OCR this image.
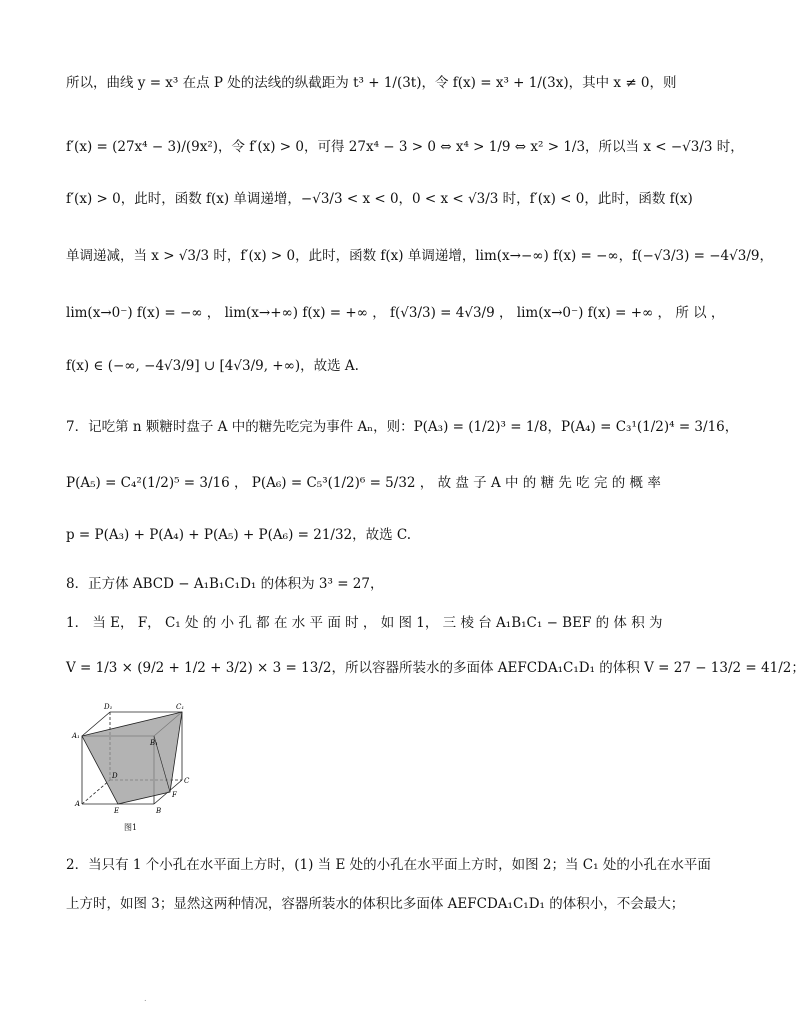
所以，曲线 y = x³ 在点 P 处的法线的纵截距为 t³ + 1/(3t)，令 f(x) = x³ + 1/(3x)，其中 x ≠ 0，则
f′(x) = (27x⁴ − 3)/(9x²)，令 f′(x) > 0，可得 27x⁴ − 3 > 0 ⇔ x⁴ > 1/9 ⇔ x² > 1/3，所以当 x < −√3/3 时，
f′(x) > 0，此时，函数 f(x) 单调递增，−√3/3 < x < 0，0 < x < √3/3 时，f′(x) < 0，此时，函数 f(x)
单调递减，当 x > √3/3 时，f′(x) > 0，此时，函数 f(x) 单调递增，lim(x→−∞) f(x) = −∞，f(−√3/3) = −4√3/9，
lim(x→0⁻) f(x) = −∞ ， lim(x→+∞) f(x) = +∞ ， f(√3/3) = 4√3/9 ， lim(x→0⁻) f(x) = +∞ ， 所 以 ，
f(x) ∈ (−∞, −4√3/9] ∪ [4√3/9, +∞)，故选 A.
7．记吃第 n 颗糖时盘子 A 中的糖先吃完为事件 Aₙ，则：P(A₃) = (1/2)³ = 1/8，P(A₄) = C₃¹(1/2)⁴ = 3/16，
P(A₅) = C₄²(1/2)⁵ = 3/16 ， P(A₆) = C₅³(1/2)⁶ = 5/32 ， 故 盘 子 A 中 的 糖 先 吃 完 的 概 率
p = P(A₃) + P(A₄) + P(A₅) + P(A₆) = 21/32，故选 C.
8．正方体 ABCD − A₁B₁C₁D₁ 的体积为 3³ = 27，
1． 当 E， F， C₁ 处 的 小 孔 都 在 水 平 面 时 ， 如 图 1， 三 棱 台 A₁B₁C₁ − BEF 的 体 积 为
V = 1/3 × (9/2 + 1/2 + 3/2) × 3 = 13/2，所以容器所装水的多面体 AEFCDA₁C₁D₁ 的体积 V = 27 − 13/2 = 41/2；
D₁	C₁
A₁
B₁
D
C
A
E	B
F
图1
2．当只有 1 个小孔在水平面上方时，(1) 当 E 处的小孔在水平面上方时，如图 2；当 C₁ 处的小孔在水平面
上方时，如图 3；显然这两种情况，容器所装水的体积比多面体 AEFCDA₁C₁D₁ 的体积小，不会最大；
.
